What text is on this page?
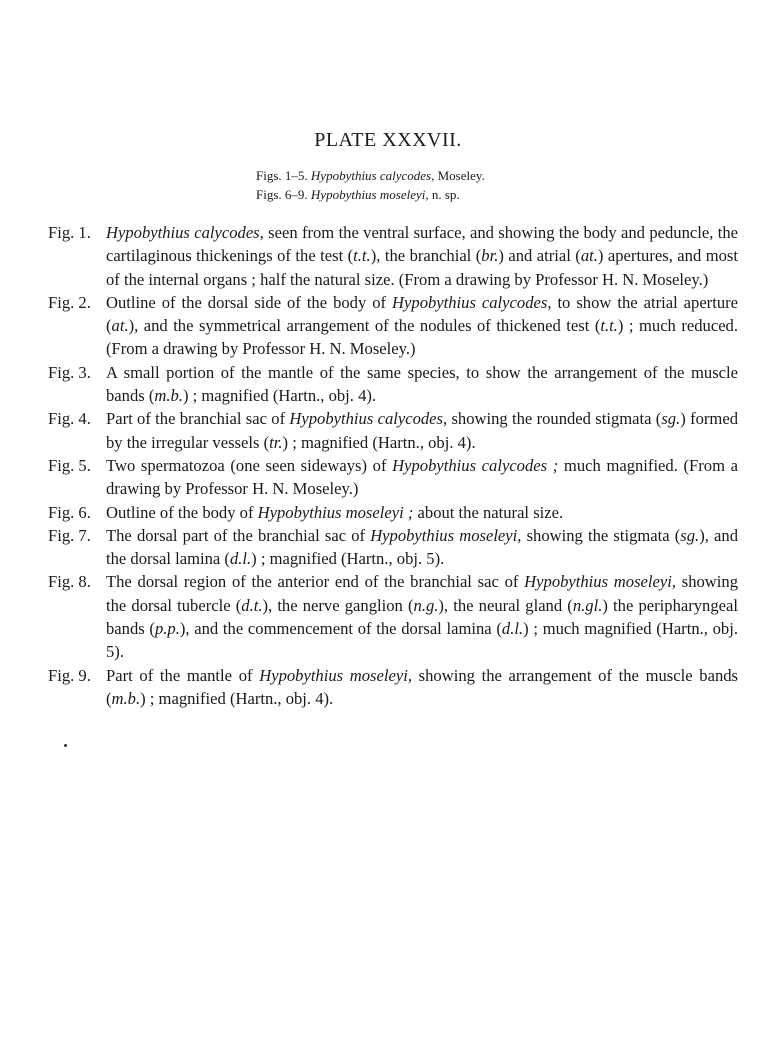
PLATE XXXVII.
Figs. 1–5. Hypobythius calycodes, Moseley.
Figs. 6–9. Hypobythius moseleyi, n. sp.
Fig. 1. Hypobythius calycodes, seen from the ventral surface, and showing the body and peduncle, the cartilaginous thickenings of the test (t.t.), the branchial (br.) and atrial (at.) apertures, and most of the internal organs ; half the natural size. (From a drawing by Professor H. N. Moseley.)
Fig. 2. Outline of the dorsal side of the body of Hypobythius calycodes, to show the atrial aperture (at.), and the symmetrical arrangement of the nodules of thickened test (t.t.) ; much reduced. (From a drawing by Professor H. N. Moseley.)
Fig. 3. A small portion of the mantle of the same species, to show the arrangement of the muscle bands (m.b.) ; magnified (Hartn., obj. 4).
Fig. 4. Part of the branchial sac of Hypobythius calycodes, showing the rounded stigmata (sg.) formed by the irregular vessels (tr.) ; magnified (Hartn., obj. 4).
Fig. 5. Two spermatozoa (one seen sideways) of Hypobythius calycodes ; much magnified. (From a drawing by Professor H. N. Moseley.)
Fig. 6. Outline of the body of Hypobythius moseleyi ; about the natural size.
Fig. 7. The dorsal part of the branchial sac of Hypobythius moseleyi, showing the stigmata (sg.), and the dorsal lamina (d.l.) ; magnified (Hartn., obj. 5).
Fig. 8. The dorsal region of the anterior end of the branchial sac of Hypobythius moseleyi, showing the dorsal tubercle (d.t.), the nerve ganglion (n.g.), the neural gland (n.gl.) the peripharyngeal bands (p.p.), and the commencement of the dorsal lamina (d.l.) ; much magnified (Hartn., obj. 5).
Fig. 9. Part of the mantle of Hypobythius moseleyi, showing the arrangement of the muscle bands (m.b.) ; magnified (Hartn., obj. 4).
